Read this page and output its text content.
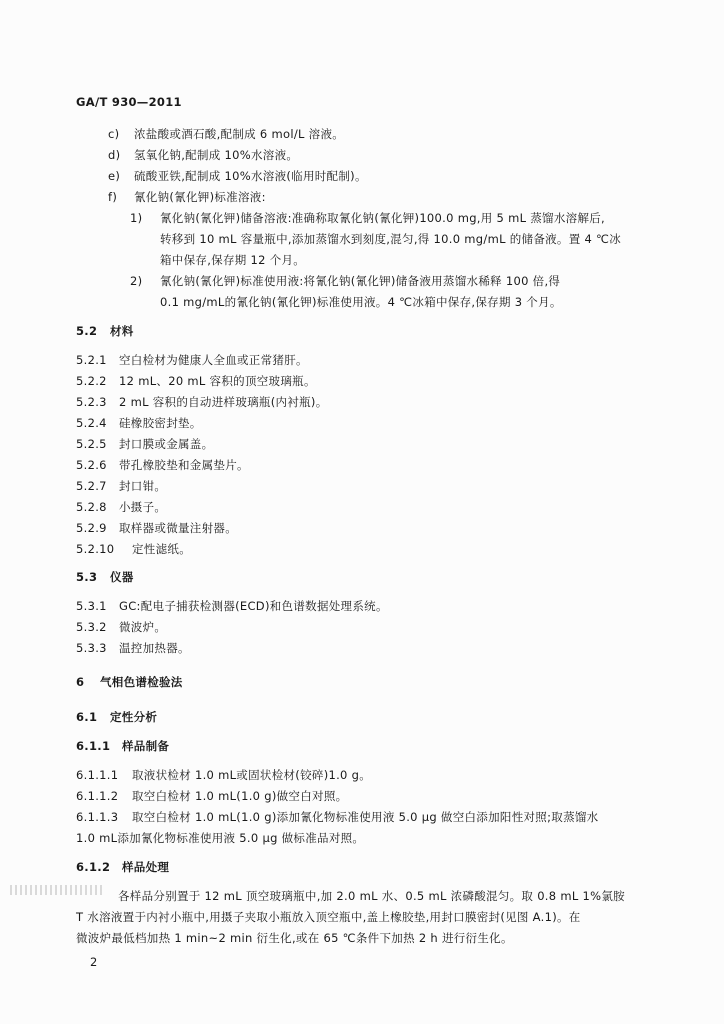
GA/T 930—2011
c) 浓盐酸或酒石酸,配制成 6 mol/L 溶液。
d) 氢氧化钠,配制成 10%水溶液。
e) 硫酸亚铁,配制成 10%水溶液(临用时配制)。
f) 氰化钠(氰化钾)标准溶液:
1) 氰化钠(氰化钾)储备溶液:准确称取氰化钠(氰化钾)100.0 mg,用 5 mL 蒸馏水溶解后,
转移到 10 mL 容量瓶中,添加蒸馏水到刻度,混匀,得 10.0 mg/mL 的储备液。置 4 ℃冰
箱中保存,保存期 12 个月。
2) 氰化钠(氰化钾)标准使用液:将氰化钠(氰化钾)储备液用蒸馏水稀释 100 倍,得
0.1 mg/mL的氰化钠(氰化钾)标准使用液。4 ℃冰箱中保存,保存期 3 个月。
5.2 材料
5.2.1 空白检材为健康人全血或正常猪肝。
5.2.2 12 mL、20 mL 容积的顶空玻璃瓶。
5.2.3 2 mL 容积的自动进样玻璃瓶(内衬瓶)。
5.2.4 硅橡胶密封垫。
5.2.5 封口膜或金属盖。
5.2.6 带孔橡胶垫和金属垫片。
5.2.7 封口钳。
5.2.8 小摄子。
5.2.9 取样器或微量注射器。
5.2.10 定性滤纸。
5.3 仪器
5.3.1 GC:配电子捕获检测器(ECD)和色谱数据处理系统。
5.3.2 微波炉。
5.3.3 温控加热器。
6 气相色谱检验法
6.1 定性分析
6.1.1 样品制备
6.1.1.1 取液状检材 1.0 mL或固状检材(铰碎)1.0 g。
6.1.1.2 取空白检材 1.0 mL(1.0 g)做空白对照。
6.1.1.3 取空白检材 1.0 mL(1.0 g)添加氰化物标准使用液 5.0 μg 做空白添加阳性对照;取蒸馏水
1.0 mL添加氰化物标准使用液 5.0 μg 做标准品对照。
6.1.2 样品处理
各样品分别置于 12 mL 顶空玻璃瓶中,加 2.0 mL 水、0.5 mL 浓磷酸混匀。取 0.8 mL 1%氯胺
T 水溶液置于内衬小瓶中,用摄子夹取小瓶放入顶空瓶中,盖上橡胶垫,用封口膜密封(见图 A.1)。在
微波炉最低档加热 1 min~2 min 衍生化,或在 65 ℃条件下加热 2 h 进行衍生化。
2
